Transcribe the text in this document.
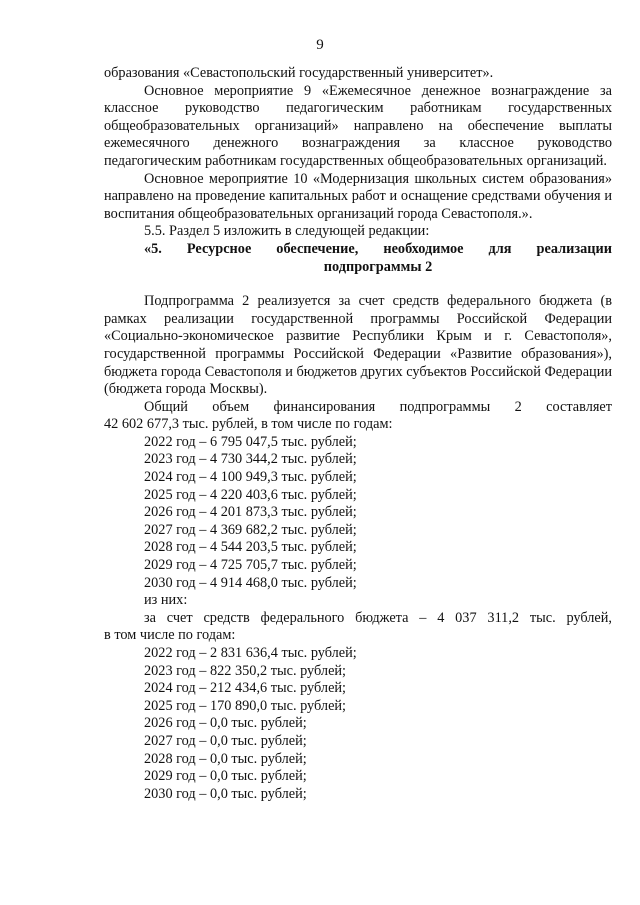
9

образования «Севастопольский государственный университет».

Основное мероприятие 9 «Ежемесячное денежное вознаграждение за классное руководство педагогическим работникам государственных общеобразовательных организаций» направлено на обеспечение выплаты ежемесячного денежного вознаграждения за классное руководство педагогическим работникам государственных общеобразовательных организаций.

Основное мероприятие 10 «Модернизация школьных систем образования» направлено на проведение капитальных работ и оснащение средствами обучения и воспитания общеобразовательных организаций города Севастополя.».

5.5. Раздел 5 изложить в следующей редакции:

«5. Ресурсное обеспечение, необходимое для реализации
подпрограммы 2

Подпрограмма 2 реализуется за счет средств федерального бюджета (в рамках реализации государственной программы Российской Федерации «Социально-экономическое развитие Республики Крым и г. Севастополя», государственной программы Российской Федерации «Развитие образования»), бюджета города Севастополя и бюджетов других субъектов Российской Федерации (бюджета города Москвы).

Общий объем финансирования подпрограммы 2 составляет

42 602 677,3 тыс. рублей, в том числе по годам:

2022 год – 6 795 047,5 тыс. рублей;
2023 год – 4 730 344,2 тыс. рублей;
2024 год – 4 100 949,3 тыс. рублей;
2025 год – 4 220 403,6 тыс. рублей;
2026 год – 4 201 873,3 тыс. рублей;
2027 год – 4 369 682,2 тыс. рублей;
2028 год – 4 544 203,5 тыс. рублей;
2029 год – 4 725 705,7 тыс. рублей;
2030 год – 4 914 468,0 тыс. рублей;
из них:

за счет средств федерального бюджета – 4 037 311,2 тыс. рублей,

в том числе по годам:

2022 год – 2 831 636,4 тыс. рублей;
2023 год – 822 350,2 тыс. рублей;
2024 год – 212 434,6 тыс. рублей;
2025 год – 170 890,0 тыс. рублей;
2026 год – 0,0 тыс. рублей;
2027 год – 0,0 тыс. рублей;
2028 год – 0,0 тыс. рублей;
2029 год – 0,0 тыс. рублей;
2030 год – 0,0 тыс. рублей;
